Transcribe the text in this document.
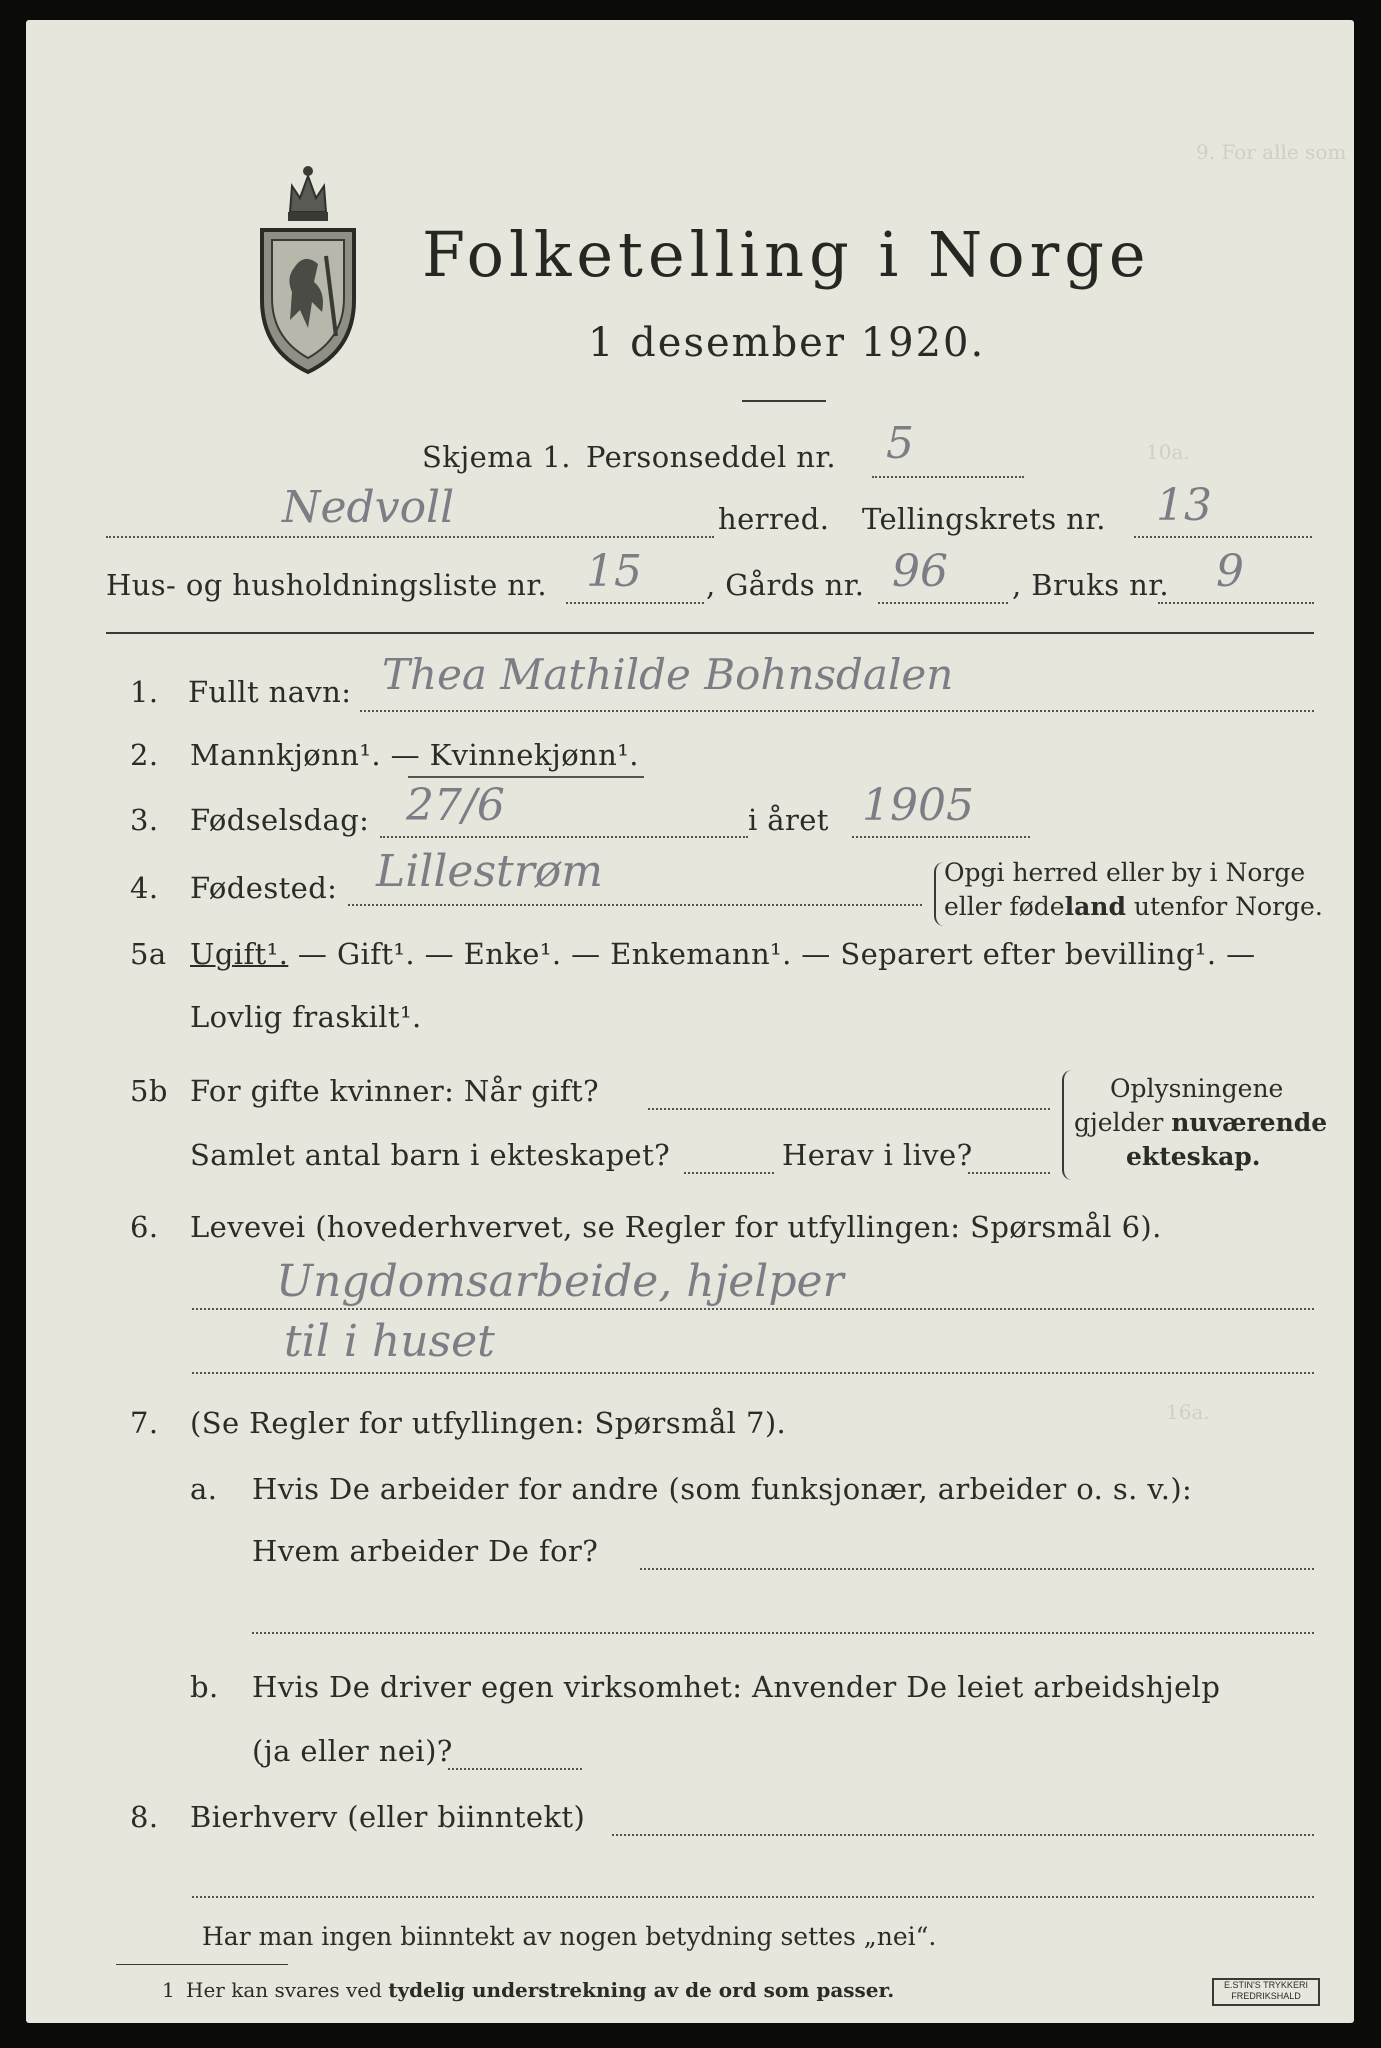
9. For alle som
10a.
16a.
Folketelling i Norge
1 desember 1920.
Skjema 1. Personseddel nr. 5
Nedvoll	herred. Tellingskrets nr. 13
Hus- og husholdningsliste nr. 15 , Gårds nr. 96 , Bruks nr. 9
1. Fullt navn: Thea Mathilde Bohnsdalen
2. Mannkjønn¹. — Kvinnekjønn¹.
3. Fødselsdag: 27/6	i året 1905
4. Fødested: Lillestrøm	Opgi herred eller by i Norge
eller fødeland utenfor Norge.
5a Ugift¹. — Gift¹. — Enke¹. — Enkemann¹. — Separert efter bevilling¹. —
Lovlig fraskilt¹.
5b For gifte kvinner: Når gift?
Samlet antal barn i ekteskapet?	Herav i live?
Oplysningene
gjelder nuværende
ekteskap.
6. Levevei (hovederhvervet, se Regler for utfyllingen: Spørsmål 6).
Ungdomsarbeide, hjelper
til i huset
7. (Se Regler for utfyllingen: Spørsmål 7).
a. Hvis De arbeider for andre (som funksjonær, arbeider o. s. v.):
Hvem arbeider De for?
b. Hvis De driver egen virksomhet: Anvender De leiet arbeidshjelp
(ja eller nei)?
8. Bierhverv (eller biinntekt)
Har man ingen biinntekt av nogen betydning settes „nei“.
1 Her kan svares ved tydelig understrekning av de ord som passer.	E.STIN'S TRYKKERI
FREDRIKSHALD
